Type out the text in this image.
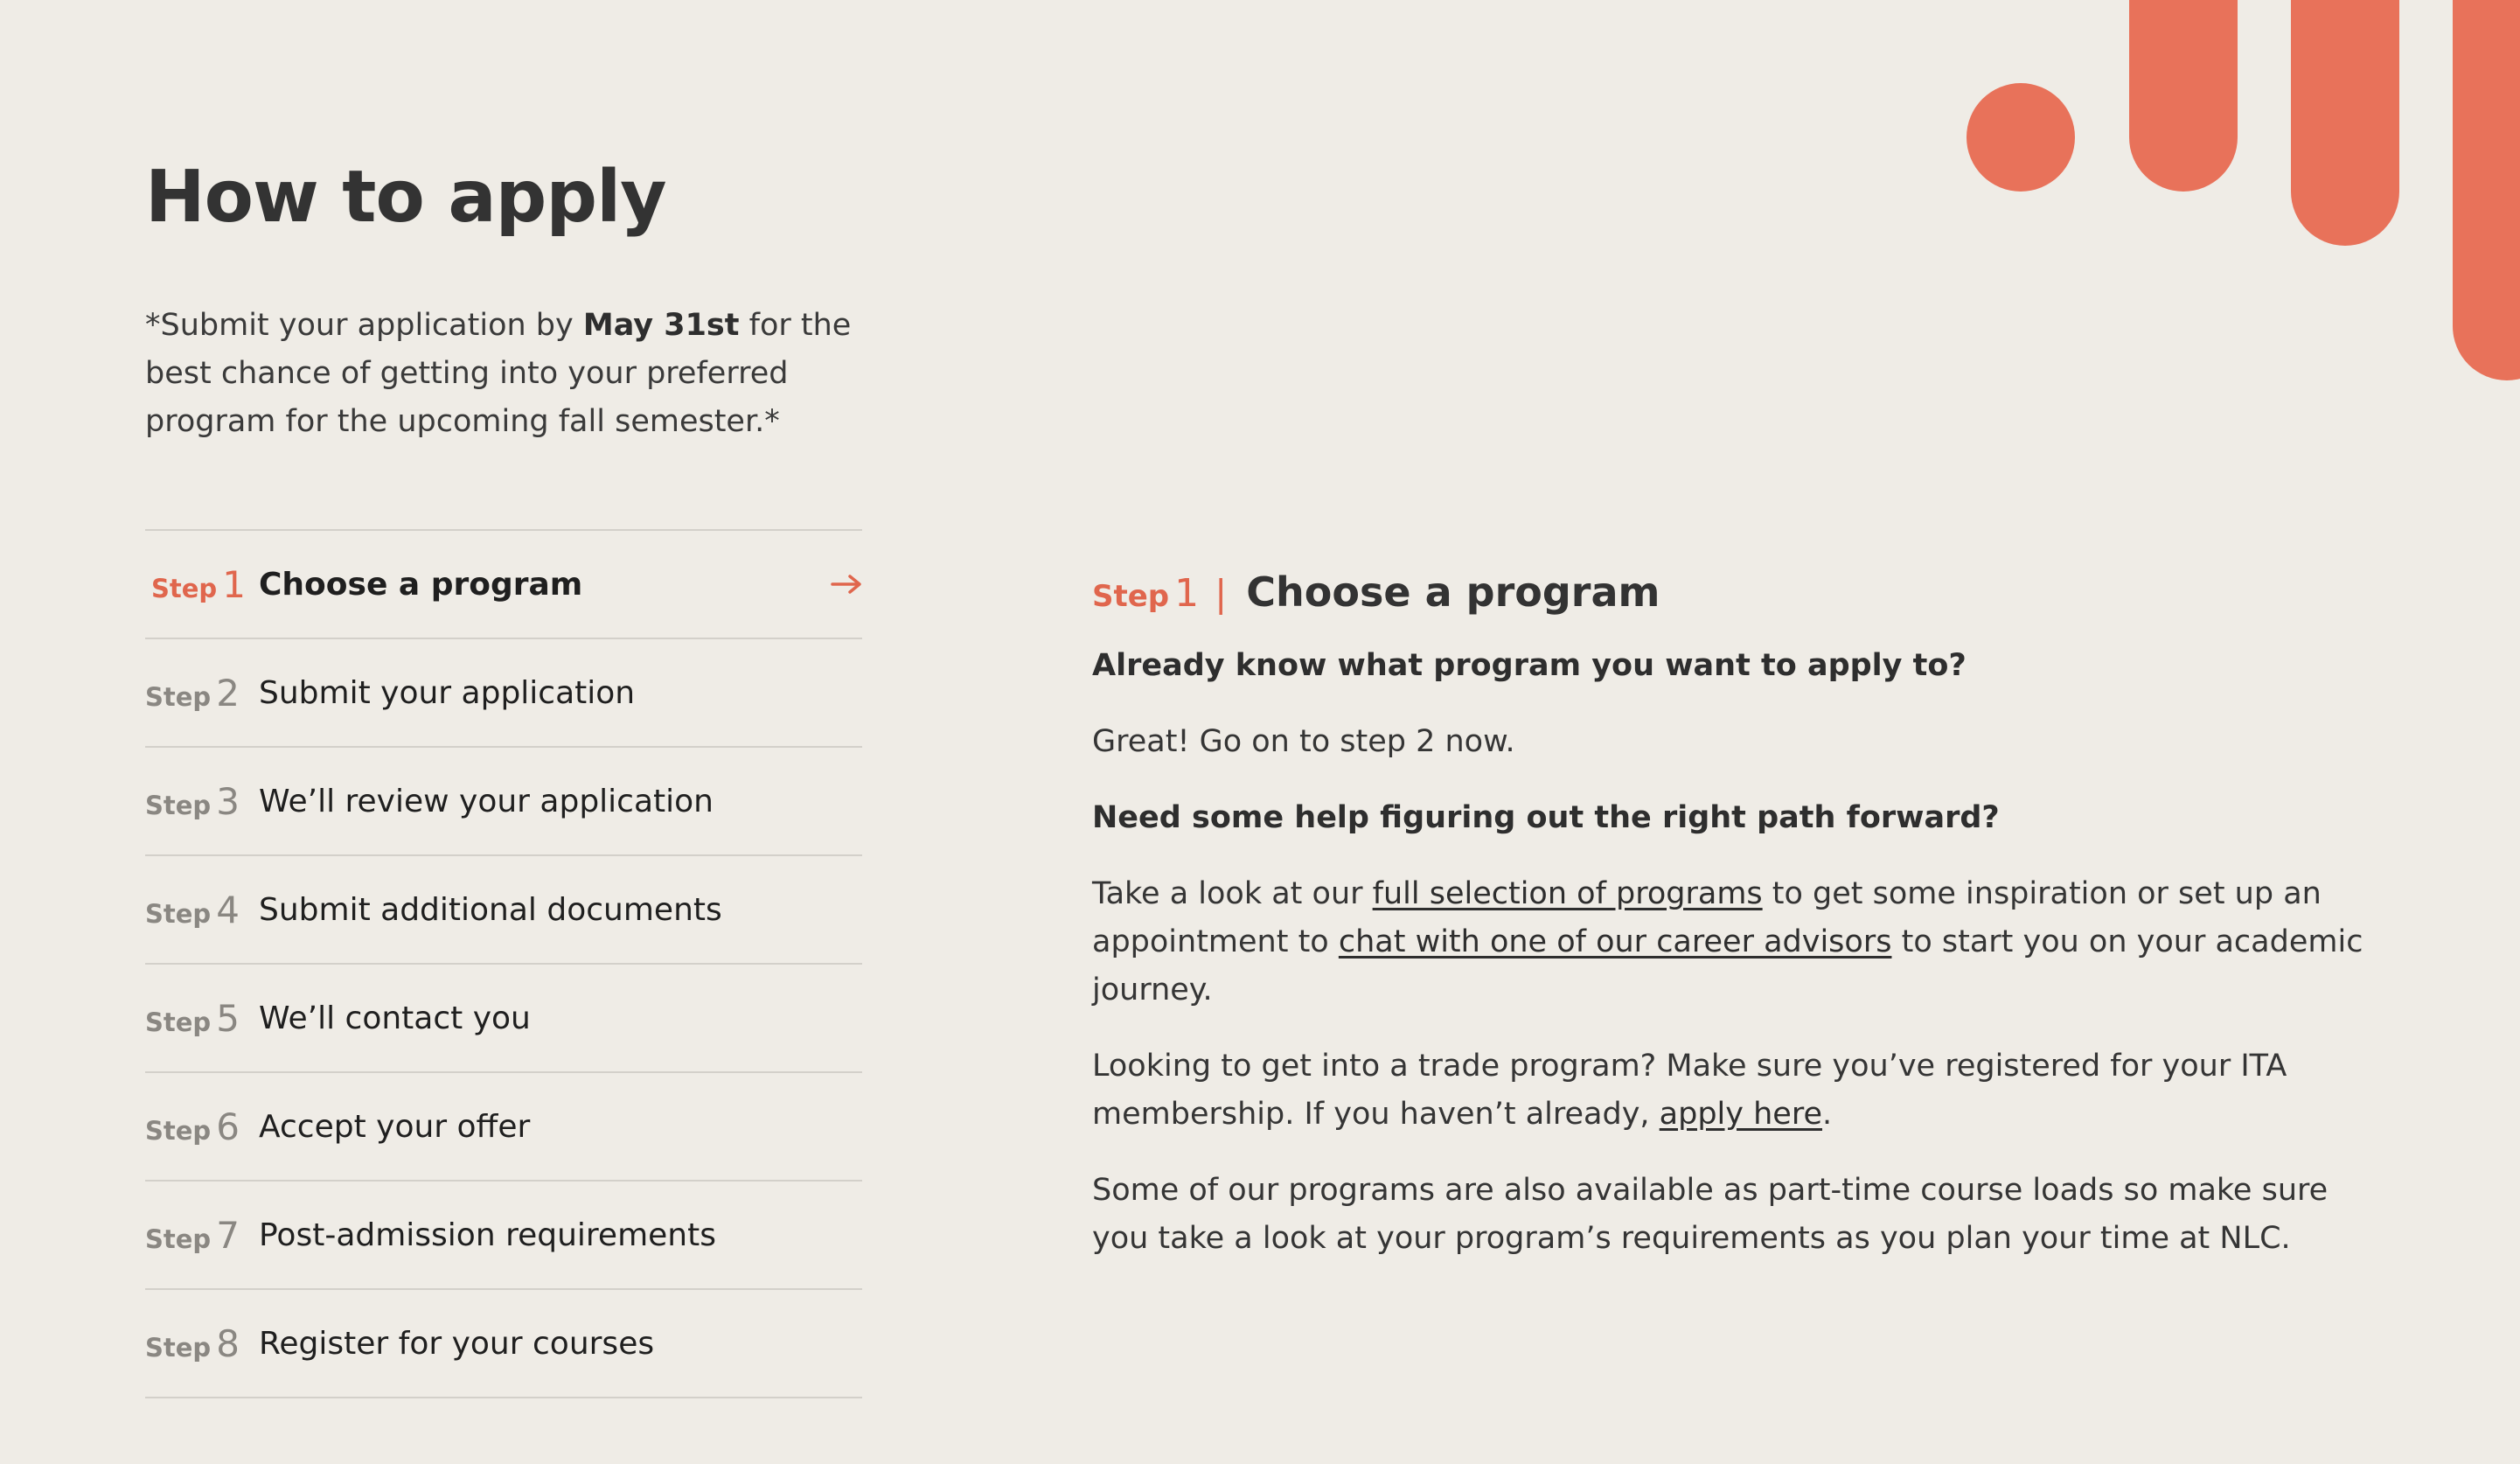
How to apply
*Submit your application by May 31st for the best chance of getting into your preferred program for the upcoming fall semester.*
Step 1 Choose a program
Step 2 Submit your application
Step 3 We’ll review your application
Step 4 Submit additional documents
Step 5 We’ll contact you
Step 6 Accept your offer
Step 7 Post-admission requirements
Step 8 Register for your courses
Step 1 | Choose a program

Already know what program you want to apply to?

Great! Go on to step 2 now.

Need some help figuring out the right path forward?

Take a look at our full selection of programs to get some inspiration or set up an appointment to chat with one of our career advisors to start you on your academic journey.

Looking to get into a trade program? Make sure you’ve registered for your ITA membership. If you haven’t already, apply here.

Some of our programs are also available as part-time course loads so make sure you take a look at your program’s requirements as you plan your time at NLC.
